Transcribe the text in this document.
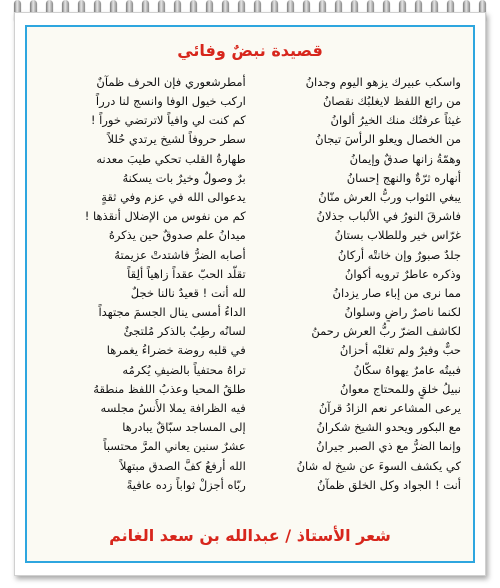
قصيدة نبضٌ وفائي
أمطرشعوري فإن الحرف ظمآنٌ
اركب خيول الوفا وانسج لنا درراً
كم كنت لي وافياً لاترتضي خوراً !
سطر حروفاً لشيخ يرتدي حُللاً
طهارةُ القلب تحكي طيبَ معدنه
برٌ وصولٌ وخيرٌ بات يسكنهُ
يدعوالى الله في عزم وفي ثقةٍ
كم من نفوس من الإضلال أنقذها !
ميدانُ علم صدوقٌ حين يذكرهُ
أصابه الضرُّ فاشتدتْ عزيمتهُ
تقلّد الحبّ عقداً زاهياً ألِقاً
لله أنت ! قعيدٌ نالنا خجلٌ
الداءُ أمسى ينال الجسمَ مجتهداً
لسانُه رطِبٌ بالذكر مُلتجئٌ
في قلبه روضة خضراءُ يغمرها
تراهُ محتفياً بالضيفِ يُكرمُه
طلقُ المحيا وعذبُ اللفظ منطقهُ
فيه الظرافة يملا الأُنسُ مجلسه
إلى المساجد سبّاقٌ يبادرها
عشرٌ سنين يعاني المرَّ محتسباً
الله أرفعُ كفَّ الصدق مبتهلاً
ربّاه أجزلْ ثواباً زده عافيةً
واسكب عبيرك يزهو اليوم وجدانُ
من رائع اللفظ لايغلبُك نقصانُ
غيثاً عرفتُك منك الخيرُ ألوانُ
من الخصال ويعلو الرأسَ تيجانُ
وهمّةُ زانها صدقٌ وإيمانُ
أنهاره ثرّةٌ والنهج إحسانُ
يبغي الثواب وربُّ العرش منّانُ
فاشرقَ النورُ في الألباب جذلانُ
غرّاس خير وللطلاب بستانُ
جلدٌ صبورٌ وإن خانتْه أركانُ
وذكره عاطرٌ ترويه أكوانُ
مما نرى من إباء صار يزدانُ
لكنما ناصرٌ راضٍ وسلوانُ
لكاشف الضرّ ربُّ العرش رحمنُ
حبٌّ وفيرٌ ولم تغلبْه أحزانُ
فبيتُه عامرٌ يهواهُ سكّانُ
نبيلُ خلقٍ وللمحتاج معوانُ
يرعى المشاعر نعم الزادُ قرآنُ
مع البكور ويحدو الشيخ شكرانُ
وإنما الضرُّ مع ذي الصبر جيرانُ
كي يكشف السوءَ عن شيخ له شانُ
أنت ! الجواد وكل الخلق ظمآنُ
شعر الأستاذ / عبدالله بن سعد الغانم
